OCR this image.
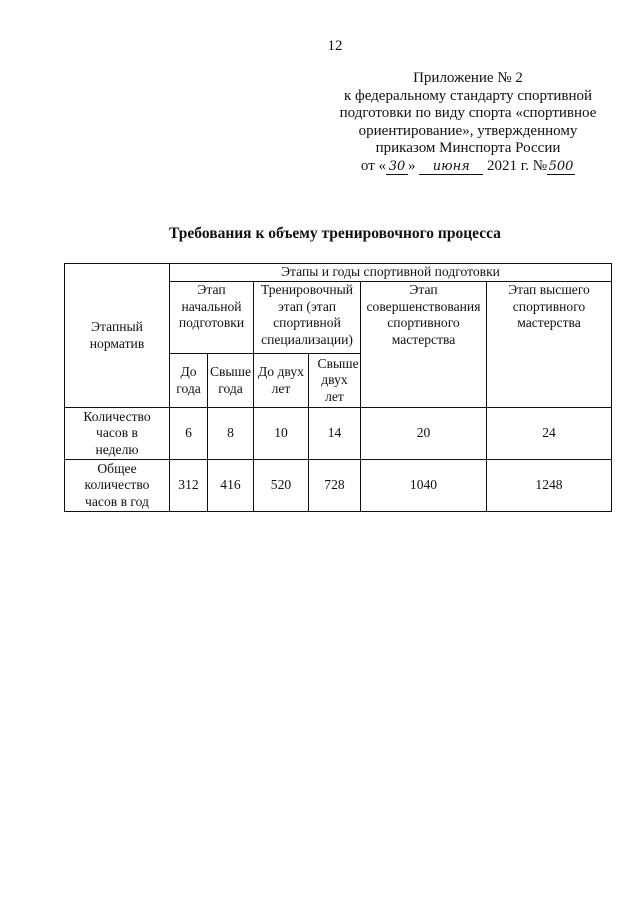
12
Приложение № 2
к федеральному стандарту спортивной
подготовки по виду спорта «спортивное
ориентирование», утвержденному
приказом Минспорта России
от « 30 » июня 2021 г. № 500
Требования к объему тренировочного процесса
Этапный норматив	Этапы и годы спортивной подготовки					

	Этап начальной подготовки		Тренировочный этап (этап спортивной специализации)		Этап совершенствования спортивного мастерства	Этап высшего спортивного мастерства

	До года	Свыше года	До двух лет	Свыше двух лет		

Количество часов в неделю	6	8	10	14	20	24

Общее количество часов в год	312	416	520	728	1040	1248
